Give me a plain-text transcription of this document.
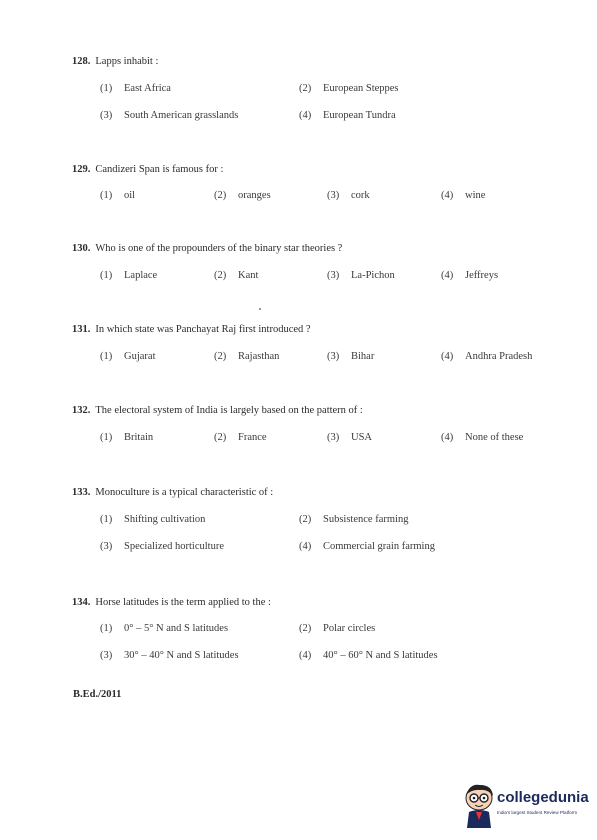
128. Lapps inhabit :
(1) East Africa	(2) European Steppes
(3) South American grasslands	(4) European Tundra
129. Candizeri Span is famous for :
(1) oil	(2) oranges	(3) cork	(4) wine
130. Who is one of the propounders of the binary star theories ?
(1) Laplace	(2) Kant	(3) La-Pichon	(4) Jeffreys
131. In which state was Panchayat Raj first introduced ?
(1) Gujarat	(2) Rajasthan	(3) Bihar	(4) Andhra Pradesh
132. The electoral system of India is largely based on the pattern of :
(1) Britain	(2) France	(3) USA	(4) None of these
133. Monoculture is a typical characteristic of :
(1) Shifting cultivation	(2) Subsistence farming
(3) Specialized horticulture	(4) Commercial grain farming
134. Horse latitudes is the term applied to the :
(1) 0° – 5° N and S latitudes	(2) Polar circles
(3) 30° – 40° N and S latitudes	(4) 40° – 60° N and S latitudes
B.Ed./2011
collegedunia
India's largest Student Review Platform
